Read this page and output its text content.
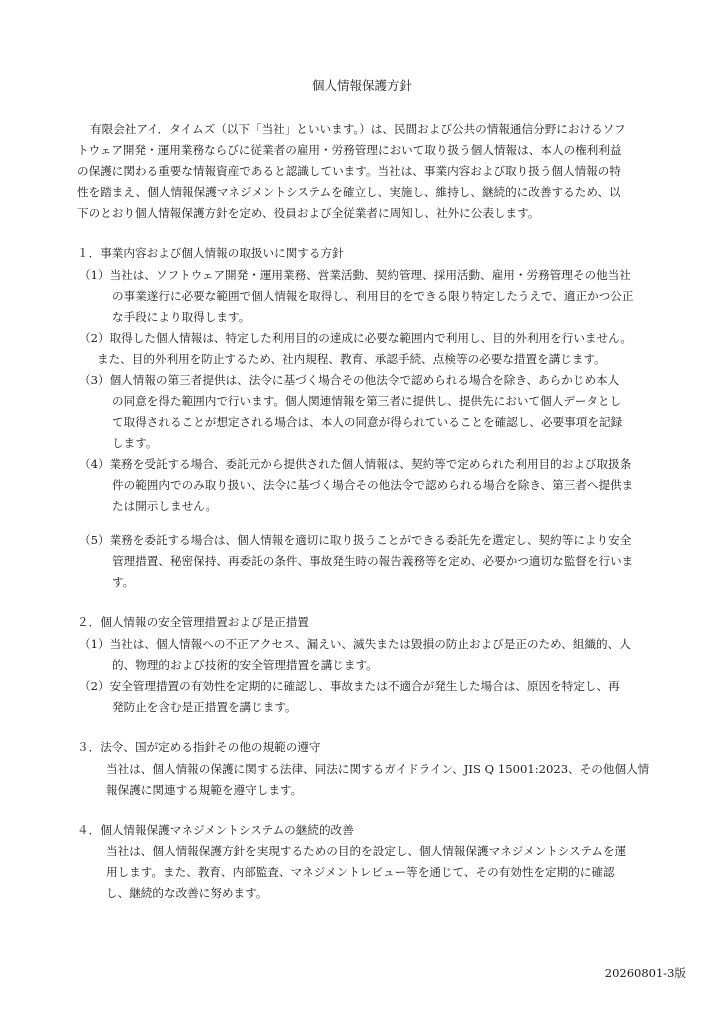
個人情報保護方針
有限会社アイ．タイムズ（以下「当社」といいます。）は、民間および公共の情報通信分野におけるソフ
トウェア開発・運用業務ならびに従業者の雇用・労務管理において取り扱う個人情報は、本人の権利利益
の保護に関わる重要な情報資産であると認識しています。当社は、事業内容および取り扱う個人情報の特
性を踏まえ、個人情報保護マネジメントシステムを確立し、実施し、維持し、継続的に改善するため、以
下のとおり個人情報保護方針を定め、役員および全従業者に周知し、社外に公表します。
１．事業内容および個人情報の取扱いに関する方針
（1）当社は、ソフトウェア開発・運用業務、営業活動、契約管理、採用活動、雇用・労務管理その他当社
の事業遂行に必要な範囲で個人情報を取得し、利用目的をできる限り特定したうえで、適正かつ公正
な手段により取得します。
（2）取得した個人情報は、特定した利用目的の達成に必要な範囲内で利用し、目的外利用を行いません。
また、目的外利用を防止するため、社内規程、教育、承認手続、点検等の必要な措置を講じます。
（3）個人情報の第三者提供は、法令に基づく場合その他法令で認められる場合を除き、あらかじめ本人
の同意を得た範囲内で行います。個人関連情報を第三者に提供し、提供先において個人データとし
て取得されることが想定される場合は、本人の同意が得られていることを確認し、必要事項を記録
します。
（4）業務を受託する場合、委託元から提供された個人情報は、契約等で定められた利用目的および取扱条
件の範囲内でのみ取り扱い、法令に基づく場合その他法令で認められる場合を除き、第三者へ提供ま
たは開示しません。
（5）業務を委託する場合は、個人情報を適切に取り扱うことができる委託先を選定し、契約等により安全
管理措置、秘密保持、再委託の条件、事故発生時の報告義務等を定め、必要かつ適切な監督を行いま
す。
２．個人情報の安全管理措置および是正措置
（1）当社は、個人情報への不正アクセス、漏えい、滅失または毀損の防止および是正のため、組織的、人
的、物理的および技術的安全管理措置を講じます。
（2）安全管理措置の有効性を定期的に確認し、事故または不適合が発生した場合は、原因を特定し、再
発防止を含む是正措置を講じます。
３．法令、国が定める指針その他の規範の遵守
当社は、個人情報の保護に関する法律、同法に関するガイドライン、JIS Q 15001:2023、その他個人情
報保護に関連する規範を遵守します。
４．個人情報保護マネジメントシステムの継続的改善
当社は、個人情報保護方針を実現するための目的を設定し、個人情報保護マネジメントシステムを運
用します。また、教育、内部監査、マネジメントレビュー等を通じて、その有効性を定期的に確認
し、継続的な改善に努めます。
20260801-3版
